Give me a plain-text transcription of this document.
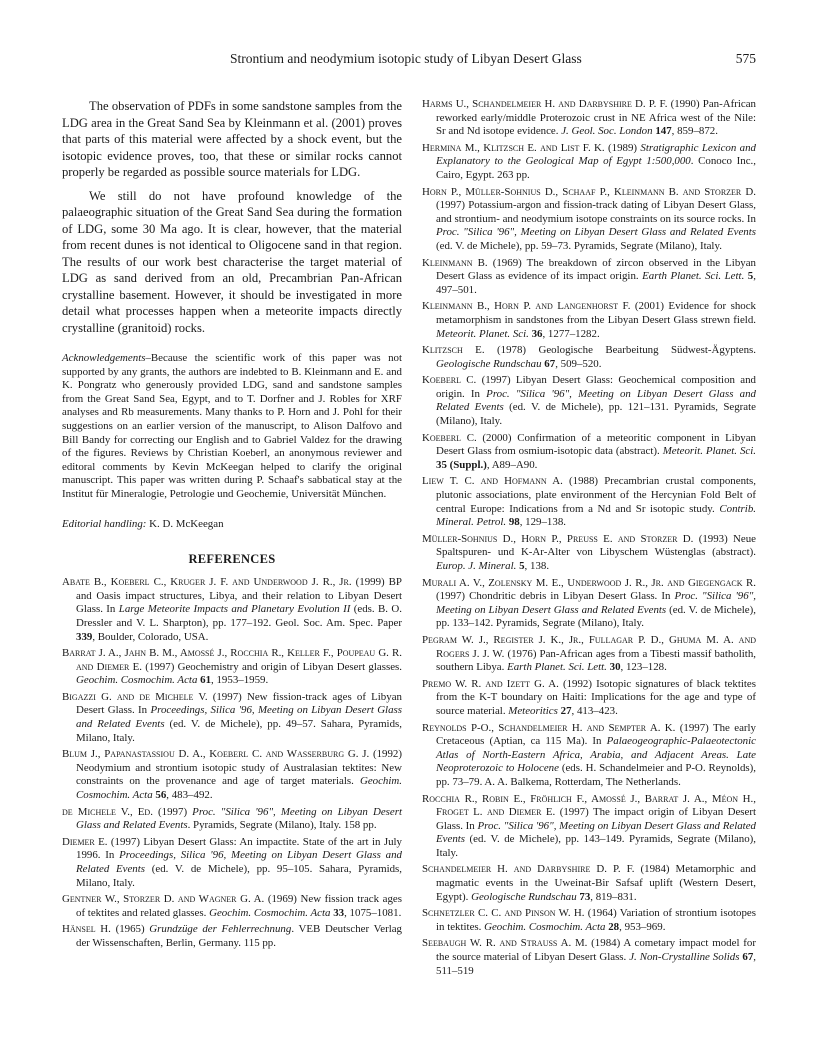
Strontium and neodymium isotopic study of Libyan Desert Glass	575

The observation of PDFs in some sandstone samples from the LDG area in the Great Sand Sea by Kleinmann et al. (2001) proves that parts of this material were affected by a shock event, but the isotopic evidence proves, too, that these or similar rocks cannot properly be regarded as possible source materials for LDG.

We still do not have profound knowledge of the palaeographic situation of the Great Sand Sea during the formation of LDG, some 30 Ma ago. It is clear, however, that the material from recent dunes is not identical to Oligocene sand in that region. The results of our work best characterise the target material of LDG as sand derived from an old, Precambrian Pan-African crystalline basement. However, it should be investigated in more detail what processes happen when a meteorite impacts directly crystalline (granitoid) rocks.

Acknowledgements–Because the scientific work of this paper was not supported by any grants, the authors are indebted to B. Kleinmann and E. and K. Pongratz who generously provided LDG, sand and sandstone samples from the Great Sand Sea, Egypt, and to T. Dorfner and J. Robles for XRF analyses and Rb measurements. Many thanks to P. Horn and J. Pohl for their suggestions on an earlier version of the manuscript, to Alison Dalfovo and Bill Bandy for correcting our English and to Gabriel Valdez for the drawing of the figures. Reviews by Christian Koeberl, an anonymous reviewer and editoral comments by Kevin McKeegan helped to clarify the original manuscript. This paper was written during P. Schaaf's sabbatical stay at the Institut für Mineralogie, Petrologie und Geochemie, Universität München.

Editorial handling: K. D. McKeegan

REFERENCES

Abate B., Koeberl C., Kruger J. F. and Underwood J. R., Jr. (1999) BP and Oasis impact structures, Libya, and their relation to Libyan Desert Glass. In Large Meteorite Impacts and Planetary Evolution II (eds. B. O. Dressler and V. L. Sharpton), pp. 177–192. Geol. Soc. Am. Spec. Paper 339, Boulder, Colorado, USA.

Barrat J. A., Jahn B. M., Amossé J., Rocchia R., Keller F., Poupeau G. R. and Diemer E. (1997) Geochemistry and origin of Libyan Desert glasses. Geochim. Cosmochim. Acta 61, 1953–1959.

Bigazzi G. and de Michele V. (1997) New fission-track ages of Libyan Desert Glass. In Proceedings, Silica '96, Meeting on Libyan Desert Glass and Related Events (ed. V. de Michele), pp. 49–57. Sahara, Pyramids, Milano, Italy.

Blum J., Papanastassiou D. A., Koeberl C. and Wasserburg G. J. (1992) Neodymium and strontium isotopic study of Australasian tektites: New constraints on the provenance and age of target materials. Geochim. Cosmochim. Acta 56, 483–492.

de Michele V., Ed. (1997) Proc. "Silica '96", Meeting on Libyan Desert Glass and Related Events. Pyramids, Segrate (Milano), Italy. 158 pp.

Diemer E. (1997) Libyan Desert Glass: An impactite. State of the art in July 1996. In Proceedings, Silica '96, Meeting on Libyan Desert Glass and Related Events (ed. V. de Michele), pp. 95–105. Sahara, Pyramids, Milano, Italy.

Gentner W., Storzer D. and Wagner G. A. (1969) New fission track ages of tektites and related glasses. Geochim. Cosmochim. Acta 33, 1075–1081.

Hänsel H. (1965) Grundzüge der Fehlerrechnung. VEB Deutscher Verlag der Wissenschaften, Berlin, Germany. 115 pp.

Harms U., Schandelmeier H. and Darbyshire D. P. F. (1990) Pan-African reworked early/middle Proterozoic crust in NE Africa west of the Nile: Sr and Nd isotope evidence. J. Geol. Soc. London 147, 859–872.

Hermina M., Klitzsch E. and List F. K. (1989) Stratigraphic Lexicon and Explanatory to the Geological Map of Egypt 1:500,000. Conoco Inc., Cairo, Egypt. 263 pp.

Horn P., Müller-Sohnius D., Schaaf P., Kleinmann B. and Storzer D. (1997) Potassium-argon and fission-track dating of Libyan Desert Glass, and strontium- and neodymium isotope constraints on its source rocks. In Proc. "Silica '96", Meeting on Libyan Desert Glass and Related Events (ed. V. de Michele), pp. 59–73. Pyramids, Segrate (Milano), Italy.

Kleinmann B. (1969) The breakdown of zircon observed in the Libyan Desert Glass as evidence of its impact origin. Earth Planet. Sci. Lett. 5, 497–501.

Kleinmann B., Horn P. and Langenhorst F. (2001) Evidence for shock metamorphism in sandstones from the Libyan Desert Glass strewn field. Meteorit. Planet. Sci. 36, 1277–1282.

Klitzsch E. (1978) Geologische Bearbeitung Südwest-Ägyptens. Geologische Rundschau 67, 509–520.

Koeberl C. (1997) Libyan Desert Glass: Geochemical composition and origin. In Proc. "Silica '96", Meeting on Libyan Desert Glass and Related Events (ed. V. de Michele), pp. 121–131. Pyramids, Segrate (Milano), Italy.

Koeberl C. (2000) Confirmation of a meteoritic component in Libyan Desert Glass from osmium-isotopic data (abstract). Meteorit. Planet. Sci. 35 (Suppl.), A89–A90.

Liew T. C. and Hofmann A. (1988) Precambrian crustal components, plutonic associations, plate environment of the Hercynian Fold Belt of central Europe: Indications from a Nd and Sr isotopic study. Contrib. Mineral. Petrol. 98, 129–138.

Müller-Sohnius D., Horn P., Preuss E. and Storzer D. (1993) Neue Spaltspuren- und K-Ar-Alter von Libyschem Wüstenglas (abstract). Europ. J. Mineral. 5, 138.

Murali A. V., Zolensky M. E., Underwood J. R., Jr. and Giegengack R. (1997) Chondritic debris in Libyan Desert Glass. In Proc. "Silica '96", Meeting on Libyan Desert Glass and Related Events (ed. V. de Michele), pp. 133–142. Pyramids, Segrate (Milano), Italy.

Pegram W. J., Register J. K., Jr., Fullagar P. D., Ghuma M. A. and Rogers J. J. W. (1976) Pan-African ages from a Tibesti massif batholith, southern Libya. Earth Planet. Sci. Lett. 30, 123–128.

Premo W. R. and Izett G. A. (1992) Isotopic signatures of black tektites from the K-T boundary on Haiti: Implications for the age and type of source material. Meteoritics 27, 413–423.

Reynolds P-O., Schandelmeier H. and Sempter A. K. (1997) The early Cretaceous (Aptian, ca 115 Ma). In Palaeogeographic-Palaeotectonic Atlas of North-Eastern Africa, Arabia, and Adjacent Areas. Late Neoproterozoic to Holocene (eds. H. Schandelmeier and P-O. Reynolds), pp. 73–79. A. A. Balkema, Rotterdam, The Netherlands.

Rocchia R., Robin E., Fröhlich F., Amossé J., Barrat J. A., Méon H., Froget L. and Diemer E. (1997) The impact origin of Libyan Desert Glass. In Proc. "Silica '96", Meeting on Libyan Desert Glass and Related Events (ed. V. de Michele), pp. 143–149. Pyramids, Segrate (Milano), Italy.

Schandelmeier H. and Darbyshire D. P. F. (1984) Metamorphic and magmatic events in the Uweinat-Bir Safsaf uplift (Western Desert, Egypt). Geologische Rundschau 73, 819–831.

Schnetzler C. C. and Pinson W. H. (1964) Variation of strontium isotopes in tektites. Geochim. Cosmochim. Acta 28, 953–969.

Seebaugh W. R. and Strauss A. M. (1984) A cometary impact model for the source material of Libyan Desert Glass. J. Non-Crystalline Solids 67, 511–519
